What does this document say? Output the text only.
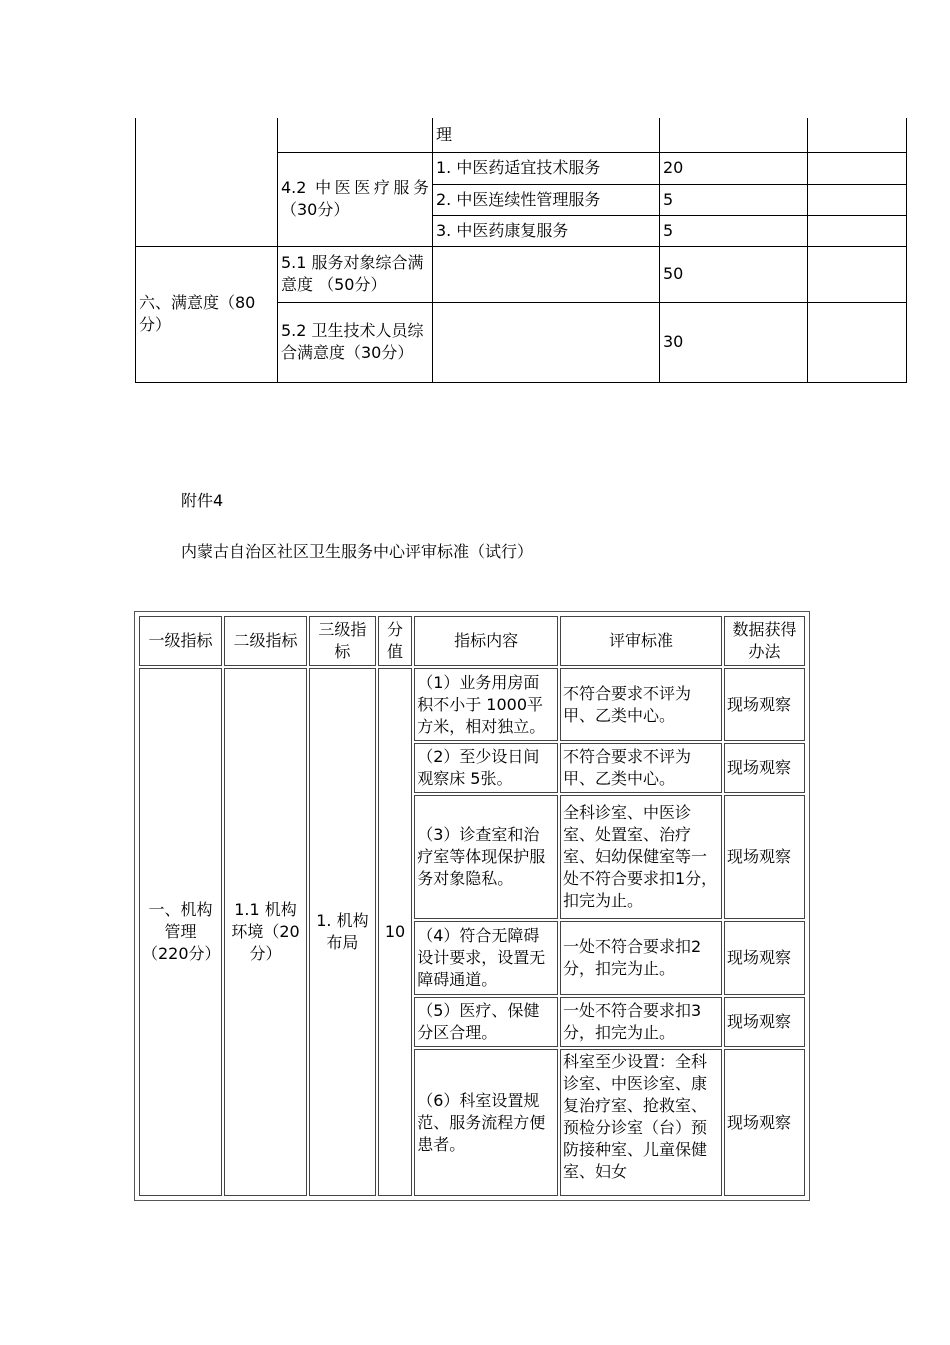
		理		
	4.2 中医医疗服务（30分）	1. 中医药适宜技术服务	20	
		2. 中医连续性管理服务	5	
		3. 中医药康复服务	5	
六、满意度（80分）	5.1 服务对象综合满意度 （50分）		50	
	5.2 卫生技术人员综合满意度（30分）		30	
附件4
内蒙古自治区社区卫生服务中心评审标准（试行）
一级指标	二级指标	三级指标	分值	指标内容	评审标准	数据获得办法
一、机构管理（220分）	1.1 机构环境（20分）	1. 机构布局	10	（1）业务用房面积不小于 1000平方米，相对独立。	不符合要求不评为甲、乙类中心。	现场观察
				（2）至少设日间观察床 5张。	不符合要求不评为甲、乙类中心。	现场观察
				（3）诊查室和治疗室等体现保护服务对象隐私。	全科诊室、中医诊室、处置室、治疗室、妇幼保健室等一处不符合要求扣1分，扣完为止。	现场观察
				（4）符合无障碍设计要求，设置无障碍通道。	一处不符合要求扣2分，扣完为止。	现场观察
				（5）医疗、保健分区合理。	一处不符合要求扣3分，扣完为止。	现场观察
				（6）科室设置规范、服务流程方便患者。	科室至少设置：全科诊室、中医诊室、康复治疗室、抢救室、预检分诊室（台）预防接种室、儿童保健室、妇女	现场观察
